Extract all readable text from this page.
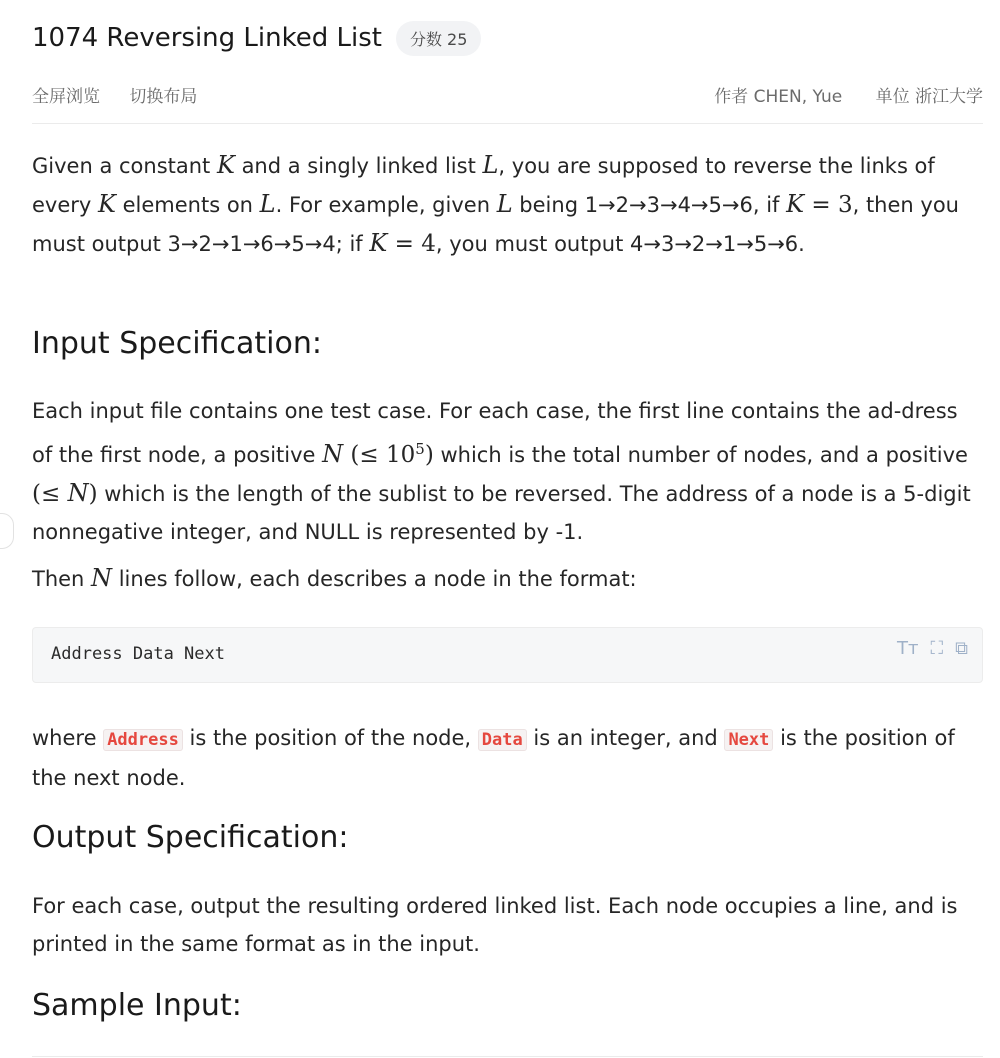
1074 Reversing Linked List	分数 25
全屏浏览 切换布局	作者 CHEN, Yue 单位 浙江大学

Given a constant K and a singly linked list L, you are supposed to reverse the links of every K elements on L. For example, given L being 1→2→3→4→5→6, if K = 3, then you must output 3→2→1→6→5→4; if K = 4, you must output 4→3→2→1→5→6.

Input Specification:

Each input file contains one test case. For each case, the first line contains the ad-dress of the first node, a positive N (≤ $10^5$) which is the total number of nodes, and a positive (≤ N) which is the length of the sublist to be reversed. The address of a node is a 5-digit nonnegative integer, and NULL is represented by -1.

Then N lines follow, each describes a node in the format:

Address Data Next	Tт ⛶ ⧉

where Address is the position of the node, Data is an integer, and Next is the position of the next node.

Output Specification:

For each case, output the resulting ordered linked list. Each node occupies a line, and is printed in the same format as in the input.

Sample Input:
